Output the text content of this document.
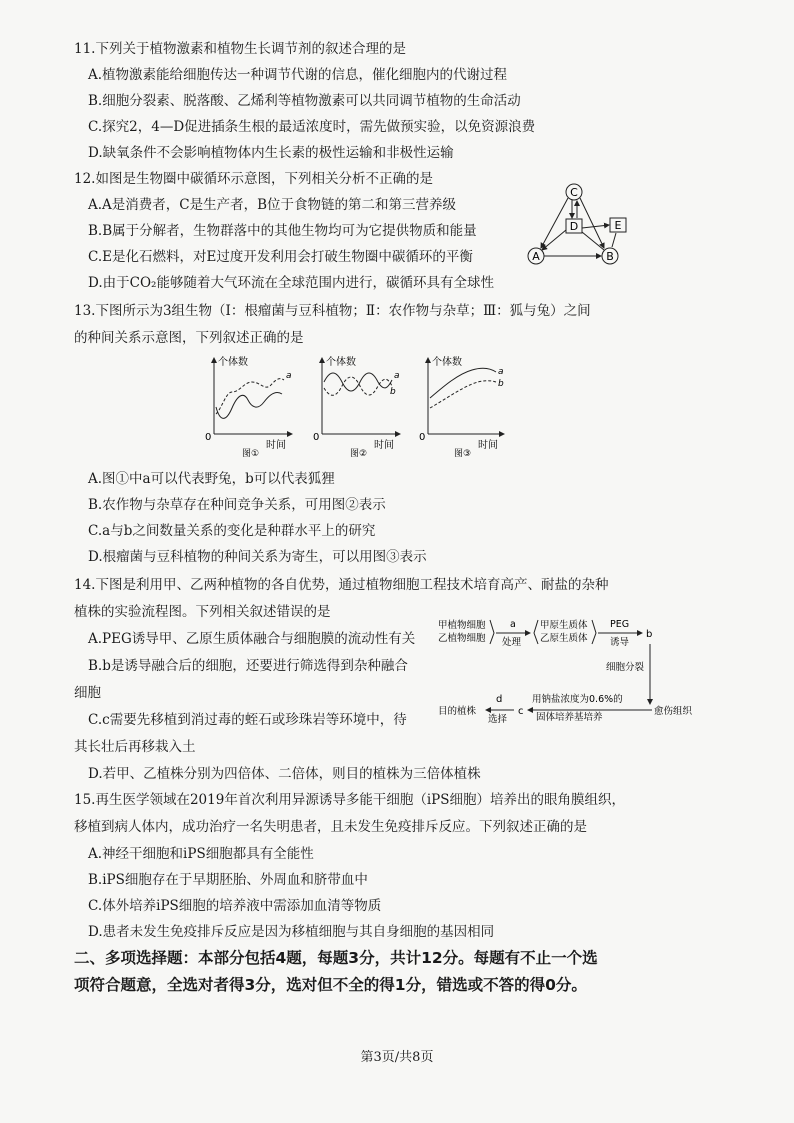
11.下列关于植物激素和植物生长调节剂的叙述合理的是
A.植物激素能给细胞传达一种调节代谢的信息，催化细胞内的代谢过程
B.细胞分裂素、脱落酸、乙烯利等植物激素可以共同调节植物的生命活动
C.探究2，4—D促进插条生根的最适浓度时，需先做预实验，以免资源浪费
D.缺氧条件不会影响植物体内生长素的极性运输和非极性运输
12.如图是生物圈中碳循环示意图，下列相关分析不正确的是
A.A是消费者，C是生产者，B位于食物链的第二和第三营养级
B.B属于分解者，生物群落中的其他生物均可为它提供物质和能量
C.E是化石燃料，对E过度开发利用会打破生物圈中碳循环的平衡
D.由于CO₂能够随着大气环流在全球范围内进行，碳循环具有全球性
C
D	E
A	B
13.下图所示为3组生物（Ⅰ：根瘤菌与豆科植物；Ⅱ：农作物与杂草；Ⅲ：狐与兔）之间
的种间关系示意图，下列叙述正确的是
个体数
时间
0
图①
a
个体数
时间
0
图②
a
b
个体数
时间
0
图③
a
b
A.图①中a可以代表野兔，b可以代表狐狸
B.农作物与杂草存在种间竞争关系，可用图②表示
C.a与b之间数量关系的变化是种群水平上的研究
D.根瘤菌与豆科植物的种间关系为寄生，可以用图③表示
14.下图是利用甲、乙两种植物的各自优势，通过植物细胞工程技术培育高产、耐盐的杂种
植株的实验流程图。下列相关叙述错误的是
A.PEG诱导甲、乙原生质体融合与细胞膜的流动性有关
B.b是诱导融合后的细胞，还要进行筛选得到杂种融合
细胞
C.c需要先移植到消过毒的蛭石或珍珠岩等环境中，待
其长壮后再移栽入土
D.若甲、乙植株分别为四倍体、二倍体，则目的植株为三倍体植株
甲植物细胞
乙植物细胞
a
处理
甲原生质体
乙原生质体
PEG
诱导
b
细胞分裂
愈伤组织
用钠盐浓度为0.6%的
固体培养基培养
c
d
选择
目的植株
15.再生医学领域在2019年首次利用异源诱导多能干细胞（iPS细胞）培养出的眼角膜组织，
移植到病人体内，成功治疗一名失明患者，且未发生免疫排斥反应。下列叙述正确的是
A.神经干细胞和iPS细胞都具有全能性
B.iPS细胞存在于早期胚胎、外周血和脐带血中
C.体外培养iPS细胞的培养液中需添加血清等物质
D.患者未发生免疫排斥反应是因为移植细胞与其自身细胞的基因相同
二、多项选择题：本部分包括4题，每题3分，共计12分。每题有不止一个选
项符合题意，全选对者得3分，选对但不全的得1分，错选或不答的得0分。
第3页/共8页
